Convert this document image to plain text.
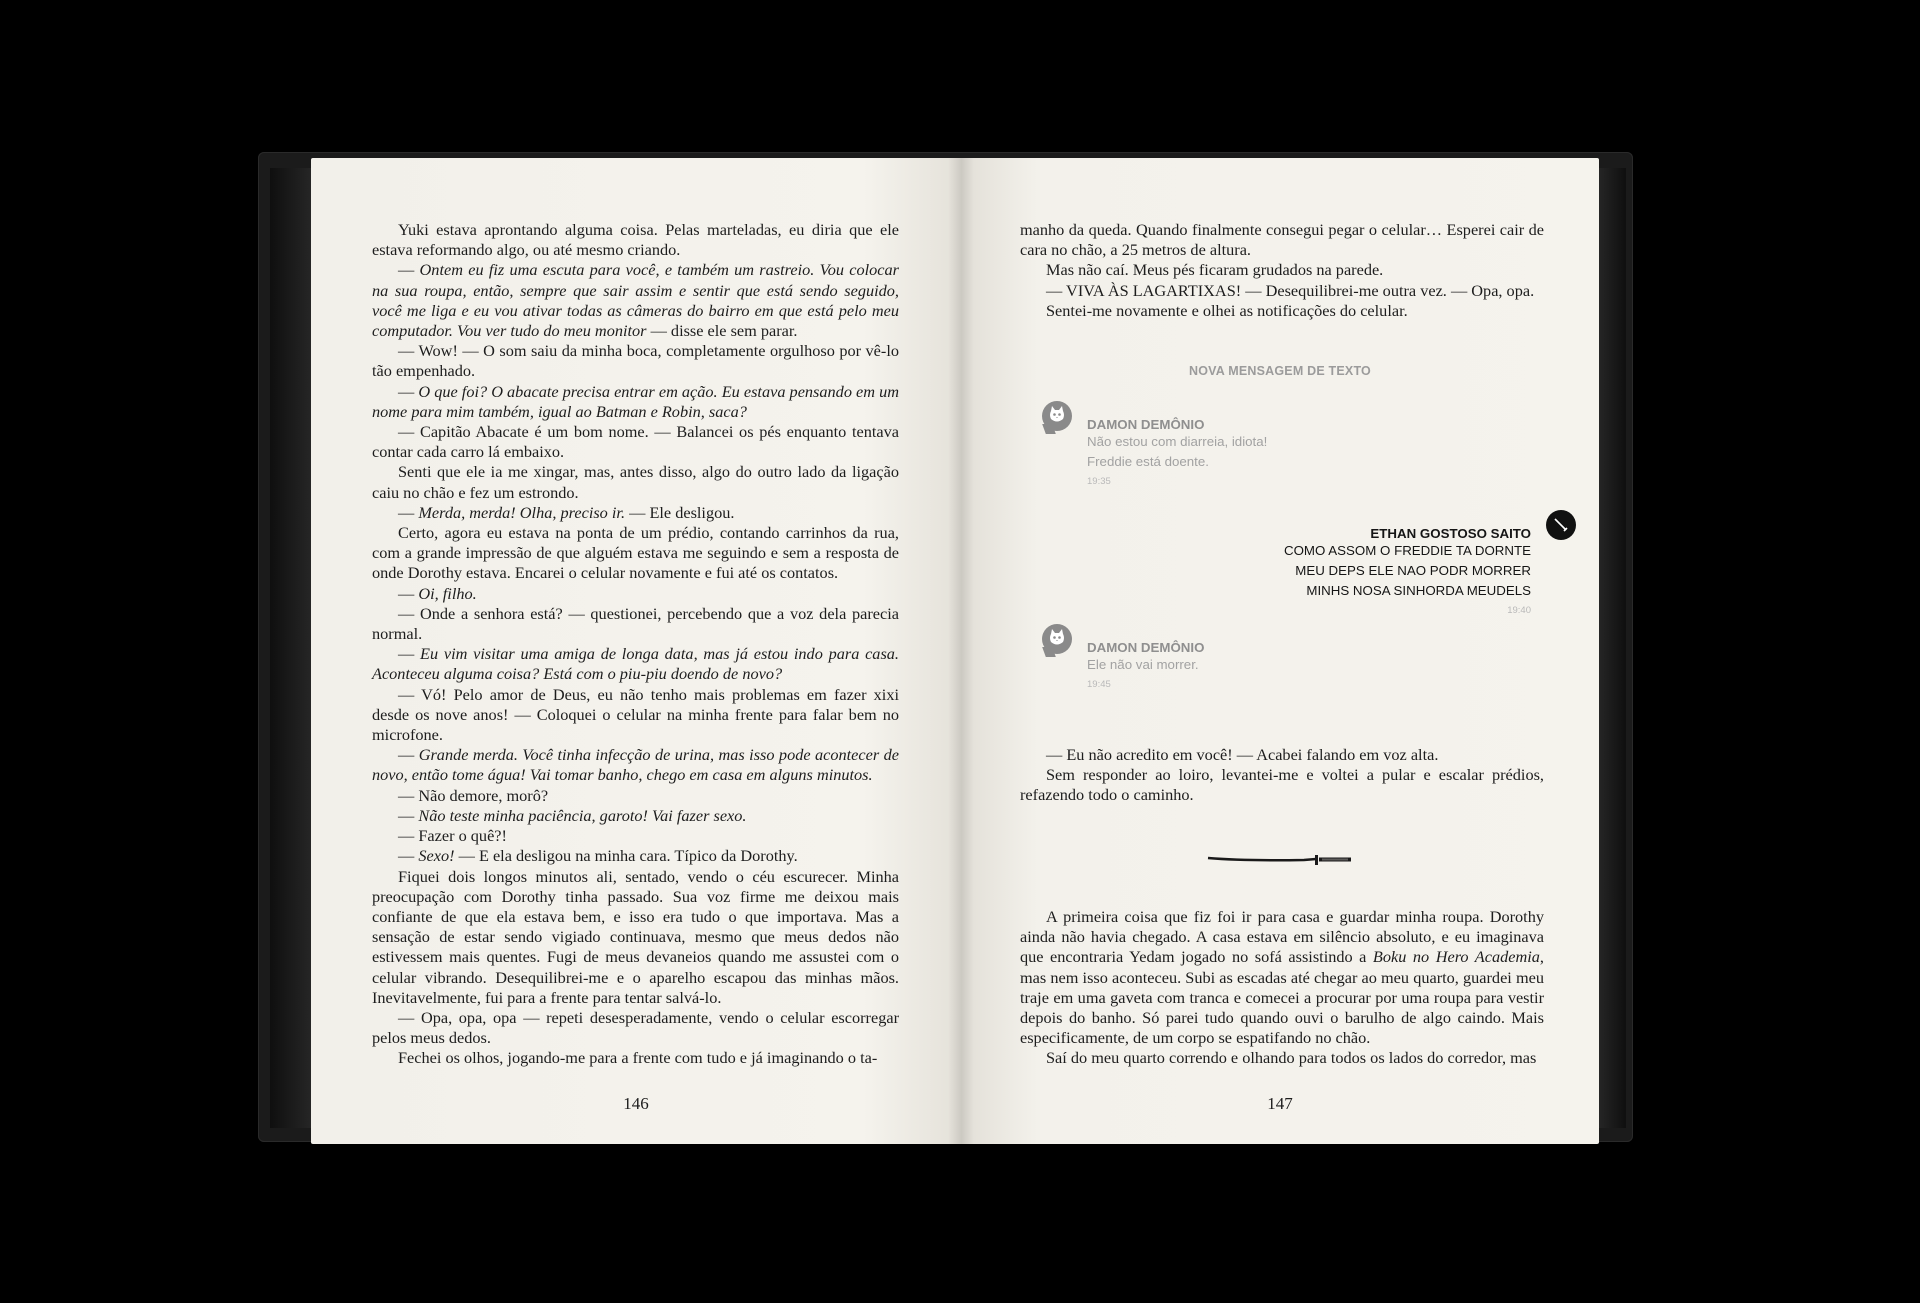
Yuki estava aprontando alguma coisa. Pelas marteladas, eu diria que ele estava reformando algo, ou até mesmo criando.

— Ontem eu fiz uma escuta para você, e também um rastreio. Vou colocar na sua roupa, então, sempre que sair assim e sentir que está sendo seguido, você me liga e eu vou ativar todas as câmeras do bairro em que está pelo meu computador. Vou ver tudo do meu monitor — disse ele sem parar.

— Wow! — O som saiu da minha boca, completamente orgulhoso por vê-lo tão empenhado.

— O que foi? O abacate precisa entrar em ação. Eu estava pensando em um nome para mim também, igual ao Batman e Robin, saca?

— Capitão Abacate é um bom nome. — Balancei os pés enquanto tentava contar cada carro lá embaixo.

Senti que ele ia me xingar, mas, antes disso, algo do outro lado da ligação caiu no chão e fez um estrondo.

— Merda, merda! Olha, preciso ir. — Ele desligou.

Certo, agora eu estava na ponta de um prédio, contando carrinhos da rua, com a grande impressão de que alguém estava me seguindo e sem a resposta de onde Dorothy estava. Encarei o celular novamente e fui até os contatos.

— Oi, filho.

— Onde a senhora está? — questionei, percebendo que a voz dela parecia normal.

— Eu vim visitar uma amiga de longa data, mas já estou indo para casa. Aconteceu alguma coisa? Está com o piu-piu doendo de novo?

— Vó! Pelo amor de Deus, eu não tenho mais problemas em fazer xixi desde os nove anos! — Coloquei o celular na minha frente para falar bem no microfone.

— Grande merda. Você tinha infecção de urina, mas isso pode acontecer de novo, então tome água! Vai tomar banho, chego em casa em alguns minutos.

— Não demore, morô?

— Não teste minha paciência, garoto! Vai fazer sexo.

— Fazer o quê?!

— Sexo! — E ela desligou na minha cara. Típico da Dorothy.

Fiquei dois longos minutos ali, sentado, vendo o céu escurecer. Minha preocupação com Dorothy tinha passado. Sua voz firme me deixou mais confiante de que ela estava bem, e isso era tudo o que importava. Mas a sensação de estar sendo vigiado continuava, mesmo que meus dedos não estivessem mais quentes. Fugi de meus devaneios quando me assustei com o celular vibrando. Desequilibrei-me e o aparelho escapou das minhas mãos. Inevitavelmente, fui para a frente para tentar salvá-lo.

— Opa, opa, opa — repeti desesperadamente, vendo o celular escorregar pelos meus dedos.

Fechei os olhos, jogando-me para a frente com tudo e já imaginando o ta-

146

manho da queda. Quando finalmente consegui pegar o celular… Esperei cair de cara no chão, a 25 metros de altura.

Mas não caí. Meus pés ficaram grudados na parede.

— VIVA ÀS LAGARTIXAS! — Desequilibrei-me outra vez. — Opa, opa.

Sentei-me novamente e olhei as notificações do celular.

NOVA MENSAGEM DE TEXTO
DAMON DEMÔNIO
Não estou com diarreia, idiota!
Freddie está doente.
19:35
ETHAN GOSTOSO SAITO
COMO ASSOM O FREDDIE TA DORNTE
MEU DEPS ELE NAO PODR MORRER
MINHS NOSA SINHORDA MEUDELS
19:40
DAMON DEMÔNIO
Ele não vai morrer.
19:45

— Eu não acredito em você! — Acabei falando em voz alta.

Sem responder ao loiro, levantei-me e voltei a pular e escalar prédios, refazendo todo o caminho.

A primeira coisa que fiz foi ir para casa e guardar minha roupa. Dorothy ainda não havia chegado. A casa estava em silêncio absoluto, e eu imaginava que encontraria Yedam jogado no sofá assistindo a Boku no Hero Academia, mas nem isso aconteceu. Subi as escadas até chegar ao meu quarto, guardei meu traje em uma gaveta com tranca e comecei a procurar por uma roupa para vestir depois do banho. Só parei tudo quando ouvi o barulho de algo caindo. Mais especificamente, de um corpo se espatifando no chão.

Saí do meu quarto correndo e olhando para todos os lados do corredor, mas

147
